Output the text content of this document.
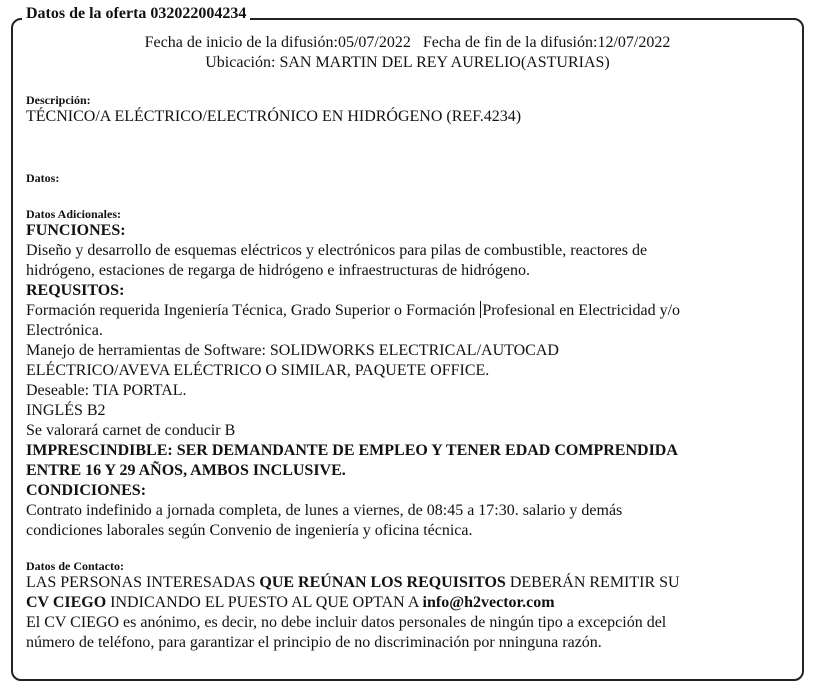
Datos de la oferta 032022004234
Fecha de inicio de la difusión:05/07/2022   Fecha de fin de la difusión:12/07/2022
Ubicación: SAN MARTIN DEL REY AURELIO(ASTURIAS)
Descripción:
TÉCNICO/A ELÉCTRICO/ELECTRÓNICO EN HIDRÓGENO (REF.4234)
Datos:
Datos Adicionales:
FUNCIONES:
Diseño y desarrollo de esquemas eléctricos y electrónicos para pilas de combustible, reactores de
hidrógeno, estaciones de regarga de hidrógeno e infraestructuras de hidrógeno.
REQUSITOS:
Formación requerida Ingeniería Técnica, Grado Superior o Formación Profesional en Electricidad y/o
Electrónica.
Manejo de herramientas de Software: SOLIDWORKS ELECTRICAL/AUTOCAD
ELÉCTRICO/AVEVA ELÉCTRICO O SIMILAR, PAQUETE OFFICE.
Deseable: TIA PORTAL.
INGLÉS B2
Se valorará carnet de conducir B
IMPRESCINDIBLE: SER DEMANDANTE DE EMPLEO Y TENER EDAD COMPRENDIDA
ENTRE 16 Y 29 AÑOS, AMBOS INCLUSIVE.
CONDICIONES:
Contrato indefinido a jornada completa, de lunes a viernes, de 08:45 a 17:30. salario y demás
condiciones laborales según Convenio de ingeniería y oficina técnica.
Datos de Contacto:
LAS PERSONAS INTERESADAS QUE REÚNAN LOS REQUISITOS DEBERÁN REMITIR SU
CV CIEGO INDICANDO EL PUESTO AL QUE OPTAN A info@h2vector.com
El CV CIEGO es anónimo, es decir, no debe incluir datos personales de ningún tipo a excepción del
número de teléfono, para garantizar el principio de no discriminación por nninguna razón.
